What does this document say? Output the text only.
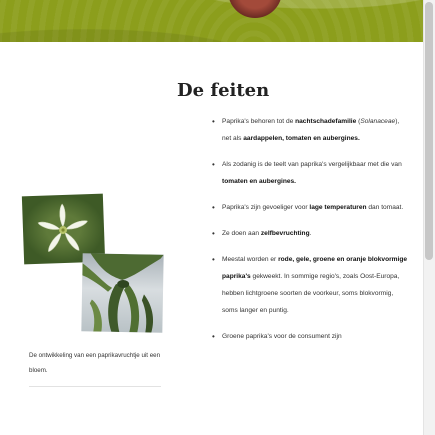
De feiten
• Paprika's behoren tot de nachtschadefamilie (Solanaceae), net als aardappelen, tomaten en aubergines.
• Als zodanig is de teelt van paprika's vergelijkbaar met die van tomaten en aubergines.
• Paprika's zijn gevoeliger voor lage temperaturen dan tomaat.
• Ze doen aan zelfbevruchting.
• Meestal worden er rode, gele, groene en oranje blokvormige paprika's gekweekt. In sommige regio's, zoals Oost-Europa, hebben lichtgroene soorten de voorkeur, soms blokvormig, soms langer en puntig.
• Groene paprika's voor de consument zijn

De ontwikkeling van een paprikavruchtje uit een bloem.
